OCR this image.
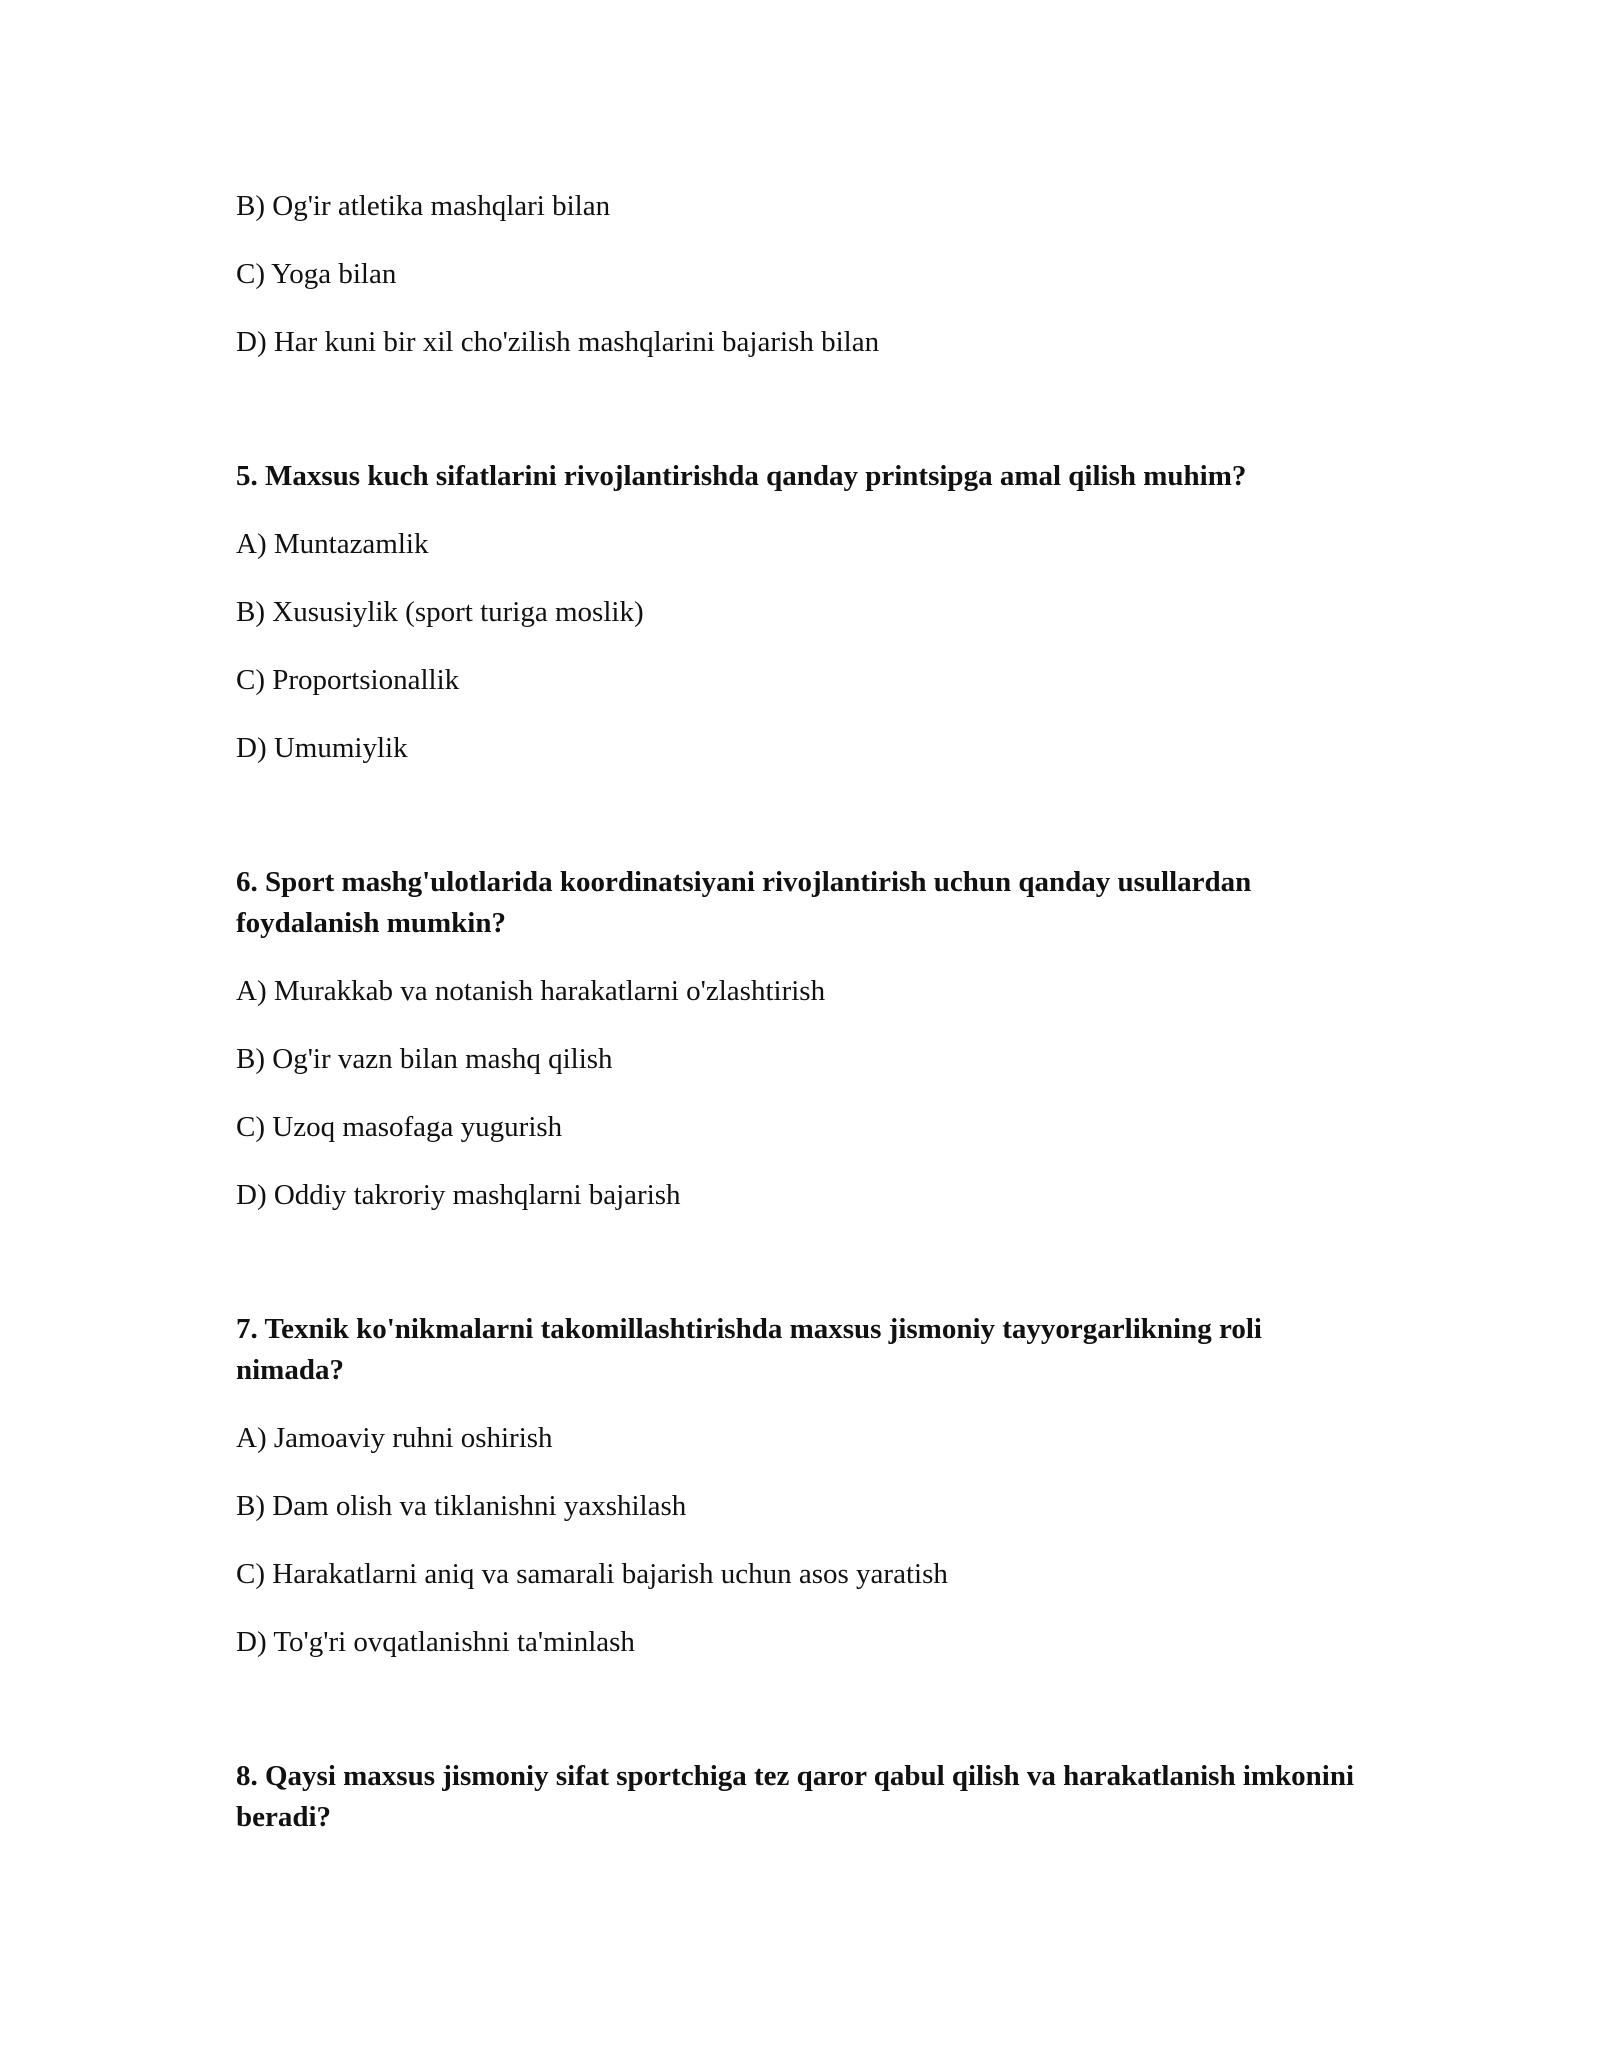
B) Og'ir atletika mashqlari bilan
C) Yoga bilan
D) Har kuni bir xil cho'zilish mashqlarini bajarish bilan
5. Maxsus kuch sifatlarini rivojlantirishda qanday printsipga amal qilish muhim?
A) Muntazamlik
B) Xususiylik (sport turiga moslik)
C) Proportsionallik
D) Umumiylik
6. Sport mashg'ulotlarida koordinatsiyani rivojlantirish uchun qanday usullardan foydalanish mumkin?
A) Murakkab va notanish harakatlarni o'zlashtirish
B) Og'ir vazn bilan mashq qilish
C) Uzoq masofaga yugurish
D) Oddiy takroriy mashqlarni bajarish
7. Texnik ko'nikmalarni takomillashtirishda maxsus jismoniy tayyorgarlikning roli nimada?
A) Jamoaviy ruhni oshirish
B) Dam olish va tiklanishni yaxshilash
C) Harakatlarni aniq va samarali bajarish uchun asos yaratish
D) To'g'ri ovqatlanishni ta'minlash
8. Qaysi maxsus jismoniy sifat sportchiga tez qaror qabul qilish va harakatlanish imkonini beradi?
